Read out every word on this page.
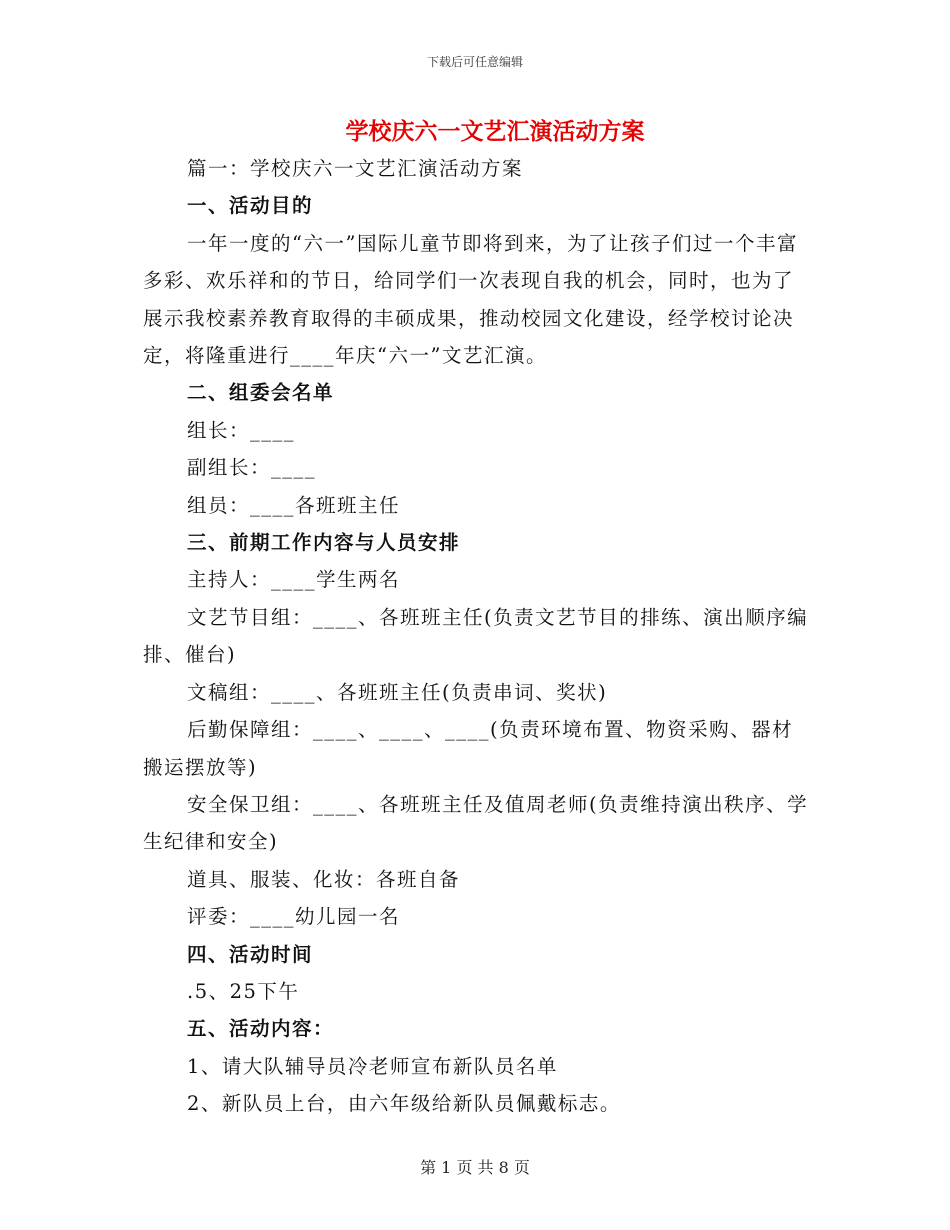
下载后可任意编辑
学校庆六一文艺汇演活动方案

篇一：学校庆六一文艺汇演活动方案

一、活动目的

一年一度的“六一”国际儿童节即将到来，为了让孩子们过一个丰富多彩、欢乐祥和的节日，给同学们一次表现自我的机会，同时，也为了展示我校素养教育取得的丰硕成果，推动校园文化建设，经学校讨论决定，将隆重进行____年庆“六一”文艺汇演。

二、组委会名单

组长：____

副组长：____

组员：____各班班主任

三、前期工作内容与人员安排

主持人：____学生两名

文艺节目组：____、各班班主任(负责文艺节目的排练、演出顺序编排、催台)

文稿组：____、各班班主任(负责串词、奖状)

后勤保障组：____、____、____(负责环境布置、物资采购、器材搬运摆放等)

安全保卫组：____、各班班主任及值周老师(负责维持演出秩序、学生纪律和安全)

道具、服装、化妆：各班自备

评委：____幼儿园一名

四、活动时间

.5、25下午

五、活动内容：

1、请大队辅导员冷老师宣布新队员名单

2、新队员上台，由六年级给新队员佩戴标志。

第 1 页 共 8 页
